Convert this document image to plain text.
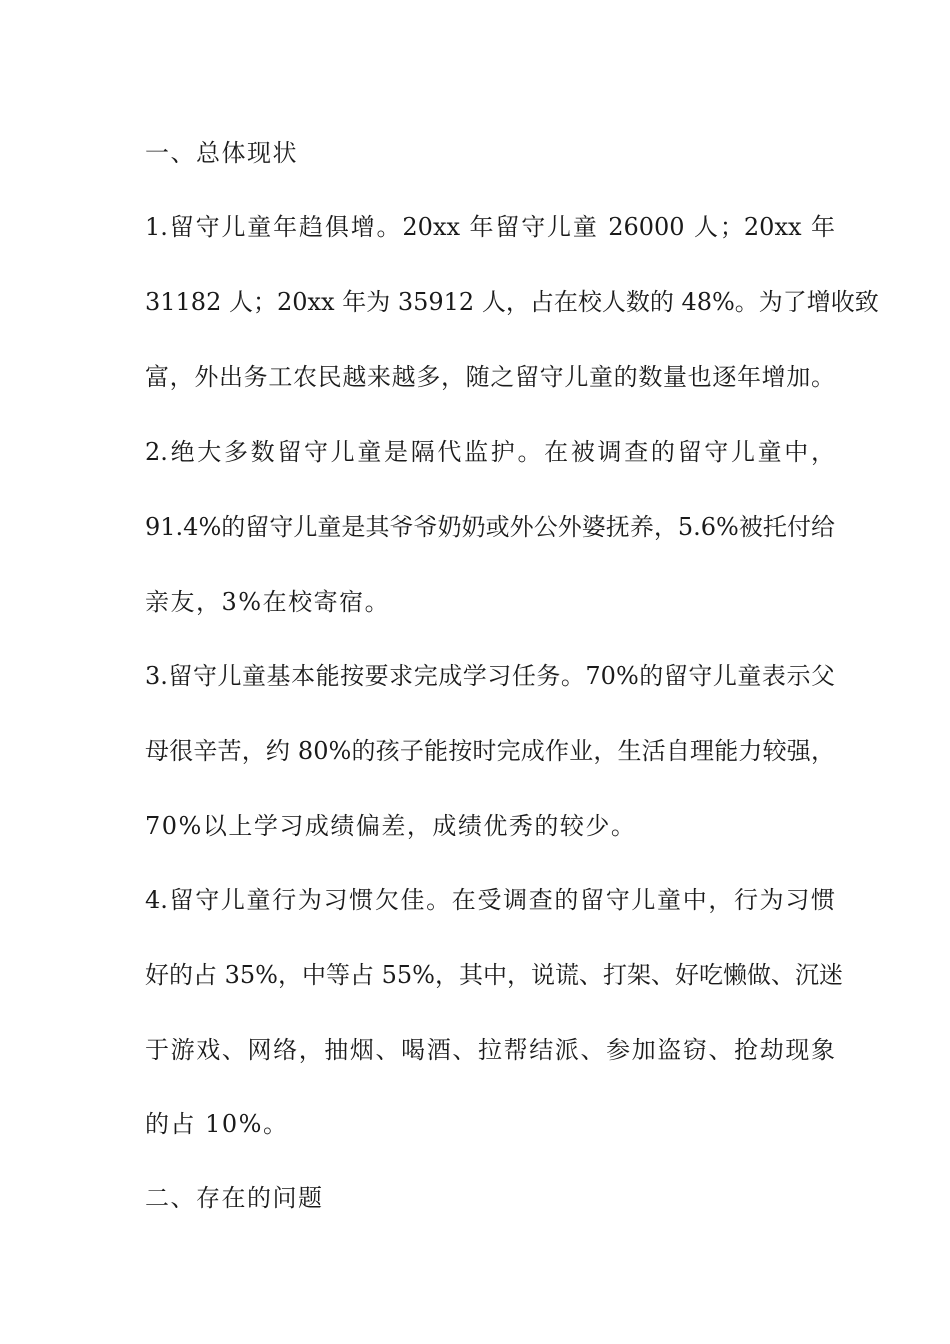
一、总体现状
1.留守儿童年趋俱增。20xx 年留守儿童 26000 人；20xx 年
31182 人；20xx 年为 35912 人，占在校人数的 48%。为了增收致
富，外出务工农民越来越多，随之留守儿童的数量也逐年增加。
2.绝大多数留守儿童是隔代监护。在被调查的留守儿童中，
91.4%的留守儿童是其爷爷奶奶或外公外婆抚养，5.6%被托付给
亲友，3%在校寄宿。
3.留守儿童基本能按要求完成学习任务。70%的留守儿童表示父
母很辛苦，约 80%的孩子能按时完成作业，生活自理能力较强，
70%以上学习成绩偏差，成绩优秀的较少。
4.留守儿童行为习惯欠佳。在受调查的留守儿童中，行为习惯
好的占 35%，中等占 55%，其中，说谎、打架、好吃懒做、沉迷
于游戏、网络，抽烟、喝酒、拉帮结派、参加盗窃、抢劫现象
的占 10%。
二、存在的问题
